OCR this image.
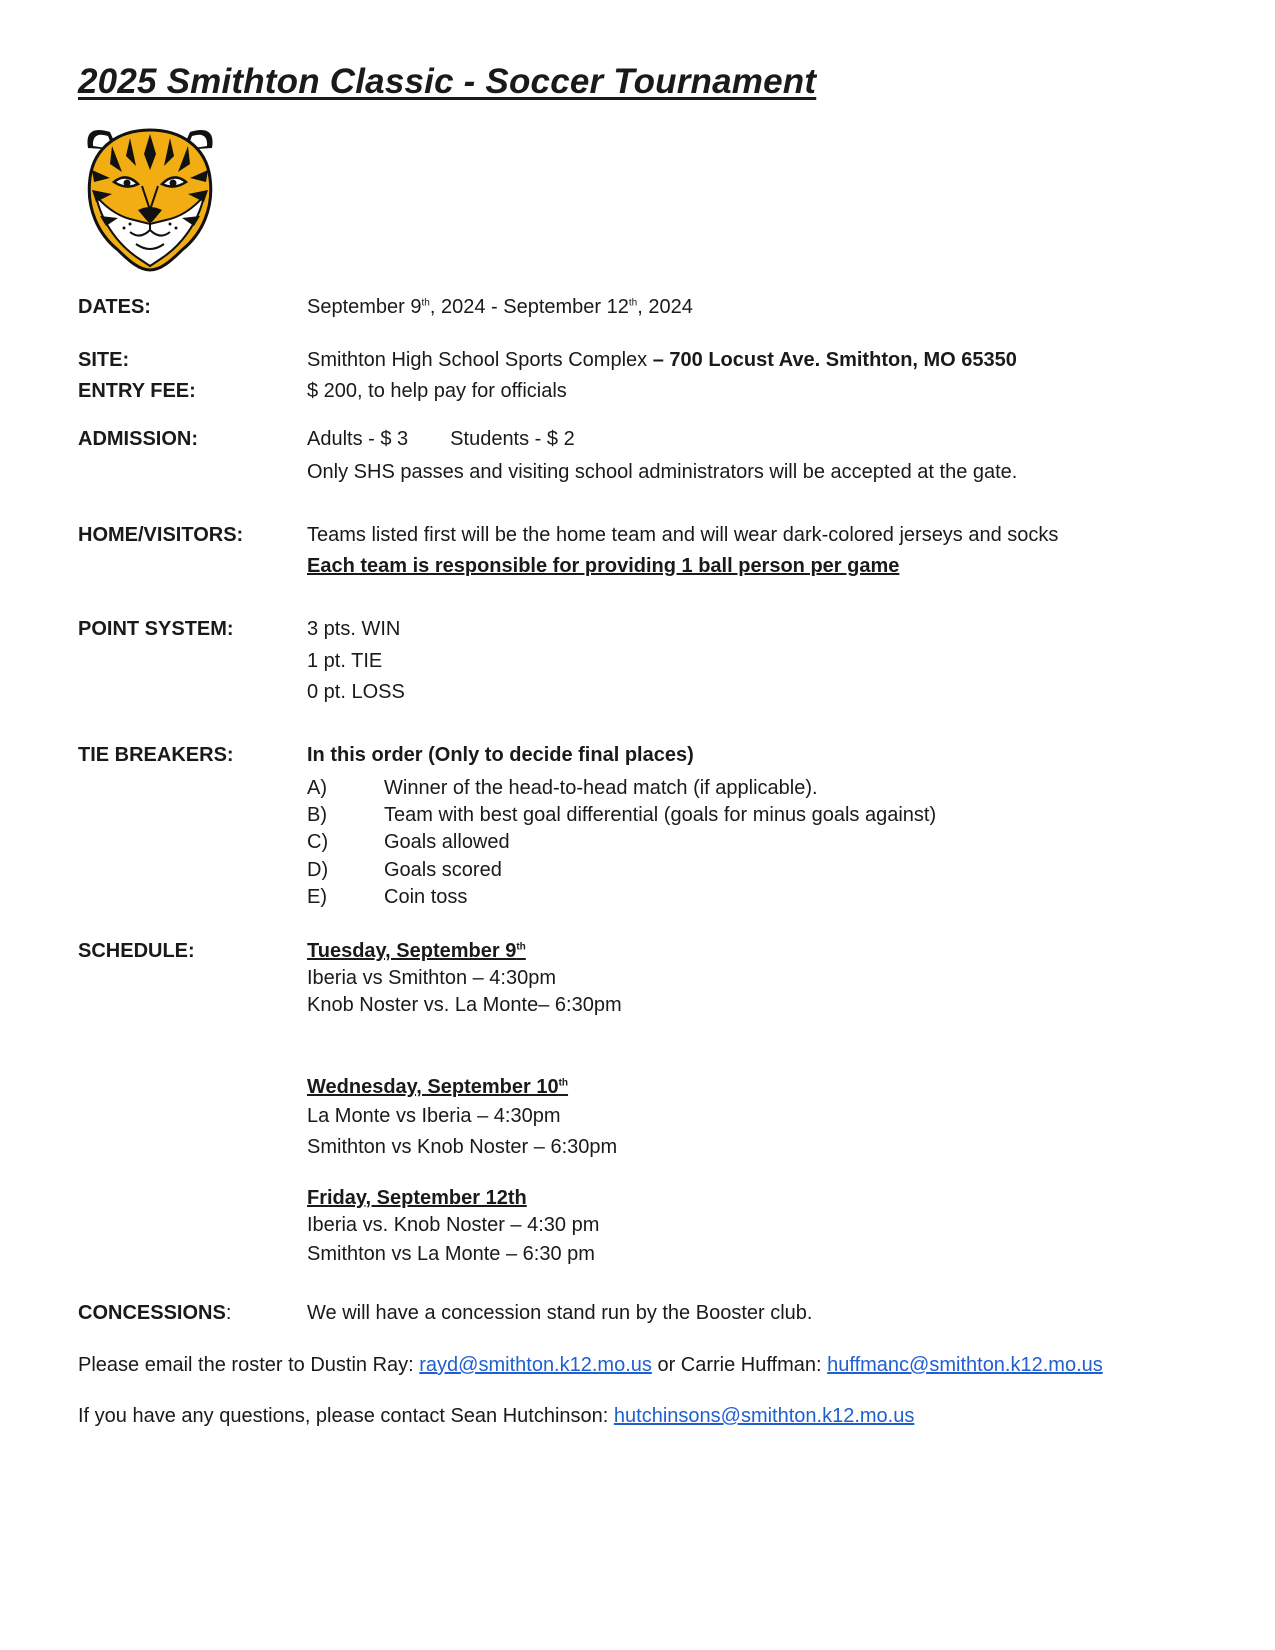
2025 Smithton Classic - Soccer Tournament
DATES:	September 9th, 2024 - September 12th, 2024
SITE:	Smithton High School Sports Complex – 700 Locust Ave. Smithton, MO 65350
ENTRY FEE:	$ 200, to help pay for officials
ADMISSION:	Adults - $ 3 Students - $ 2
Only SHS passes and visiting school administrators will be accepted at the gate.
HOME/VISITORS:	Teams listed first will be the home team and will wear dark-colored jerseys and socks
Each team is responsible for providing 1 ball person per game
POINT SYSTEM:	3 pts. WIN
1 pt. TIE
0 pt. LOSS
TIE BREAKERS:	In this order (Only to decide final places)
A)	Winner of the head-to-head match (if applicable).
B)	Team with best goal differential (goals for minus goals against)
C)	Goals allowed
D)	Goals scored
E)	Coin toss
SCHEDULE:	Tuesday, September 9th
Iberia vs Smithton – 4:30pm
Knob Noster vs. La Monte– 6:30pm
Wednesday, September 10th
La Monte vs Iberia – 4:30pm
Smithton vs Knob Noster – 6:30pm
Friday, September 12th
Iberia vs. Knob Noster – 4:30 pm
Smithton vs La Monte – 6:30 pm
CONCESSIONS:	We will have a concession stand run by the Booster club.
Please email the roster to Dustin Ray: rayd@smithton.k12.mo.us or Carrie Huffman: huffmanc@smithton.k12.mo.us
If you have any questions, please contact Sean Hutchinson: hutchinsons@smithton.k12.mo.us
